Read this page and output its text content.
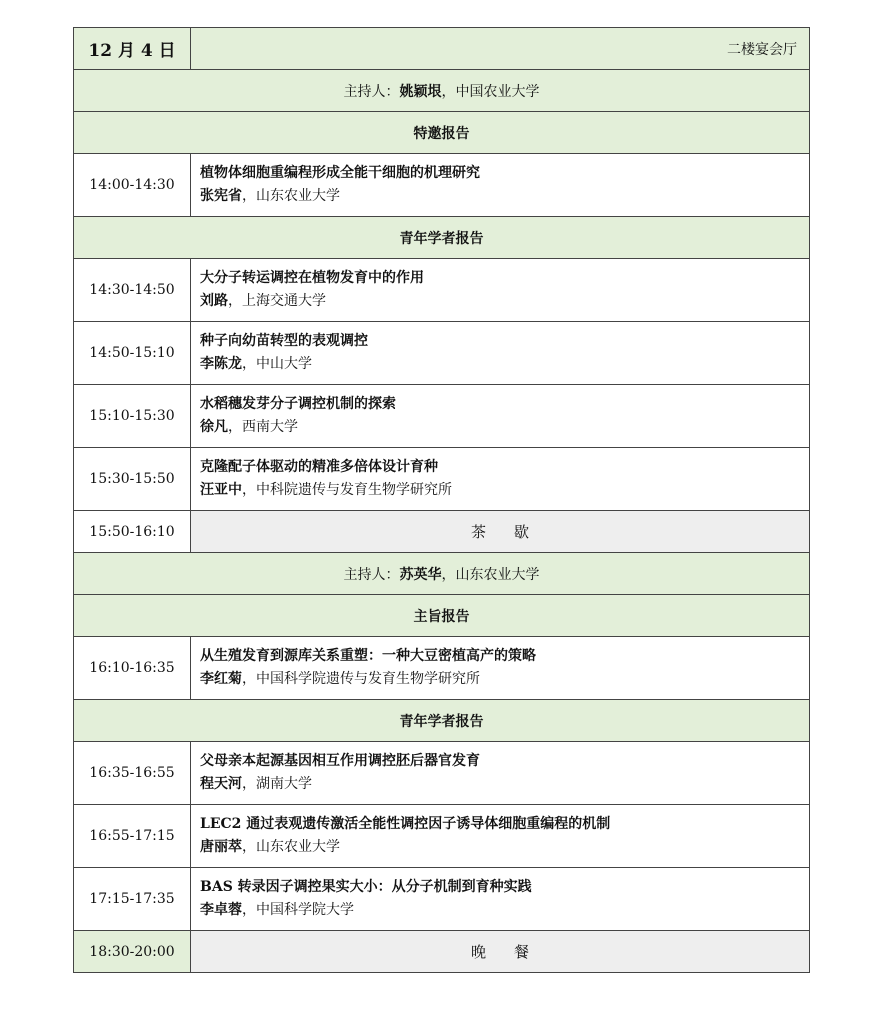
12 月 4 日	二楼宴会厅
主持人：姚颖垠，中国农业大学	
特邀报告	
14:00-14:30	植物体细胞重编程形成全能干细胞的机理研究
张宪省，山东农业大学

青年学者报告	
14:30-14:50	大分子转运调控在植物发育中的作用
刘路，上海交通大学

14:50-15:10	种子向幼苗转型的表观调控
李陈龙，中山大学

15:10-15:30	水稻穗发芽分子调控机制的探索
徐凡，西南大学

15:30-15:50	克隆配子体驱动的精准多倍体设计育种
汪亚中，中科院遗传与发育生物学研究所

15:50-16:10	茶歇
主持人：苏英华，山东农业大学	
主旨报告	
16:10-16:35	从生殖发育到源库关系重塑：一种大豆密植高产的策略
李红菊，中国科学院遗传与发育生物学研究所

青年学者报告	
16:35-16:55	父母亲本起源基因相互作用调控胚后器官发育
程天河，湖南大学

16:55-17:15	LEC2 通过表观遗传激活全能性调控因子诱导体细胞重编程的机制
唐丽萃，山东农业大学

17:15-17:35	BAS 转录因子调控果实大小：从分子机制到育种实践
李卓蓉，中国科学院大学

18:30-20:00	晚餐
